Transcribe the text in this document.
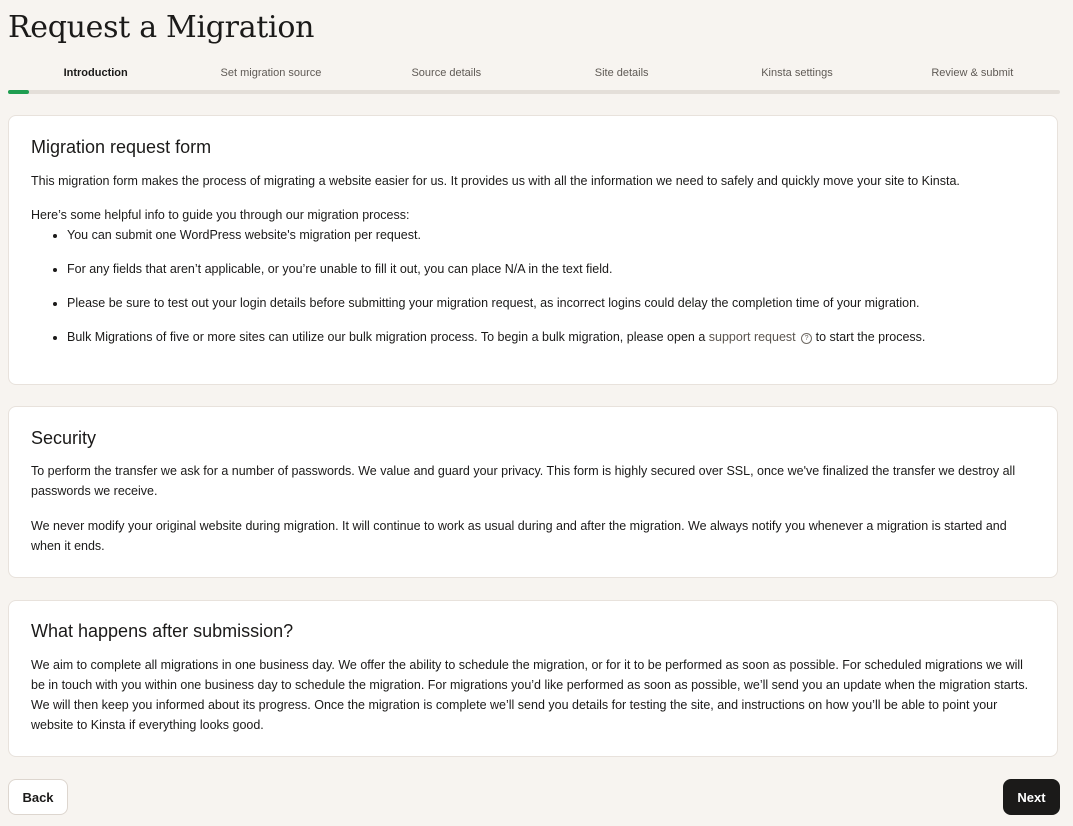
Request a Migration
Introduction	Set migration source	Source details	Site details	Kinsta settings	Review & submit
Migration request form

This migration form makes the process of migrating a website easier for us. It provides us with all the information we need to safely and quickly move your site to Kinsta.

Here’s some helpful info to guide you through our migration process:

• You can submit one WordPress website's migration per request.
• For any fields that aren’t applicable, or you’re unable to fill it out, you can place N/A in the text field.
• Please be sure to test out your login details before submitting your migration request, as incorrect logins could delay the completion time of your migration.
• Bulk Migrations of five or more sites can utilize our bulk migration process. To begin a bulk migration, please open a support request ? to start the process.
Security

To perform the transfer we ask for a number of passwords. We value and guard your privacy. This form is highly secured over SSL, once we've finalized the transfer we destroy all passwords we receive.

We never modify your original website during migration. It will continue to work as usual during and after the migration. We always notify you whenever a migration is started and when it ends.

What happens after submission?

We aim to complete all migrations in one business day. We offer the ability to schedule the migration, or for it to be performed as soon as possible. For scheduled migrations we will be in touch with you within one business day to schedule the migration. For migrations you’d like performed as soon as possible, we’ll send you an update when the migration starts. We will then keep you informed about its progress. Once the migration is complete we’ll send you details for testing the site, and instructions on how you’ll be able to point your website to Kinsta if everything looks good.

Back	Next
